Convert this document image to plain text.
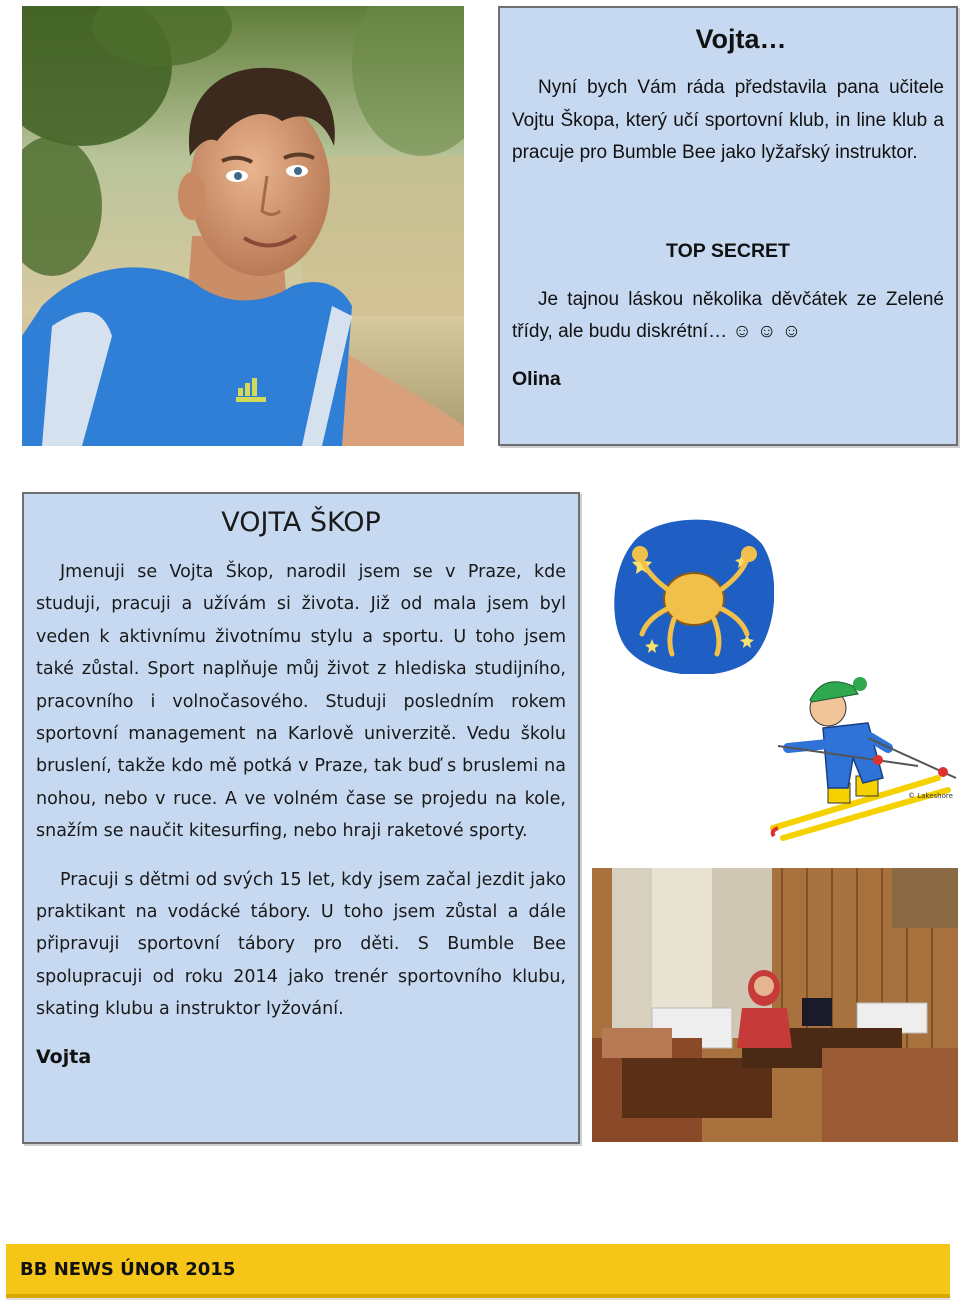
Vojta…

Nyní bych Vám ráda představila pana učitele Vojtu Škopa, který učí sportovní klub, in line klub a pracuje pro Bumble Bee jako lyžařský instruktor.

TOP SECRET

Je tajnou láskou několika děvčátek ze Zelené třídy, ale budu diskrétní… ☺ ☺ ☺

Olina
VOJTA ŠKOP

Jmenuji se Vojta Škop, narodil jsem se v Praze, kde studuji, pracuji a užívám si života. Již od mala jsem byl veden k aktivnímu životnímu stylu a sportu. U toho jsem také zůstal. Sport naplňuje můj život z hlediska studijního, pracovního i volnočasového. Studuji posledním rokem sportovní management na Karlově univerzitě. Vedu školu bruslení, takže kdo mě potká v Praze, tak buď s bruslemi na nohou, nebo v ruce. A ve volném čase se projedu na kole, snažím se naučit kitesurfing, nebo hraji raketové sporty.

Pracuji s dětmi od svých 15 let, kdy jsem začal jezdit jako praktikant na vodácké tábory. U toho jsem zůstal a dále připravuji sportovní tábory pro děti. S Bumble Bee spolupracuji od roku 2014 jako trenér sportovního klubu, skating klubu a instruktor lyžování.

Vojta
© Lakeshore
BB NEWS ÚNOR 2015
